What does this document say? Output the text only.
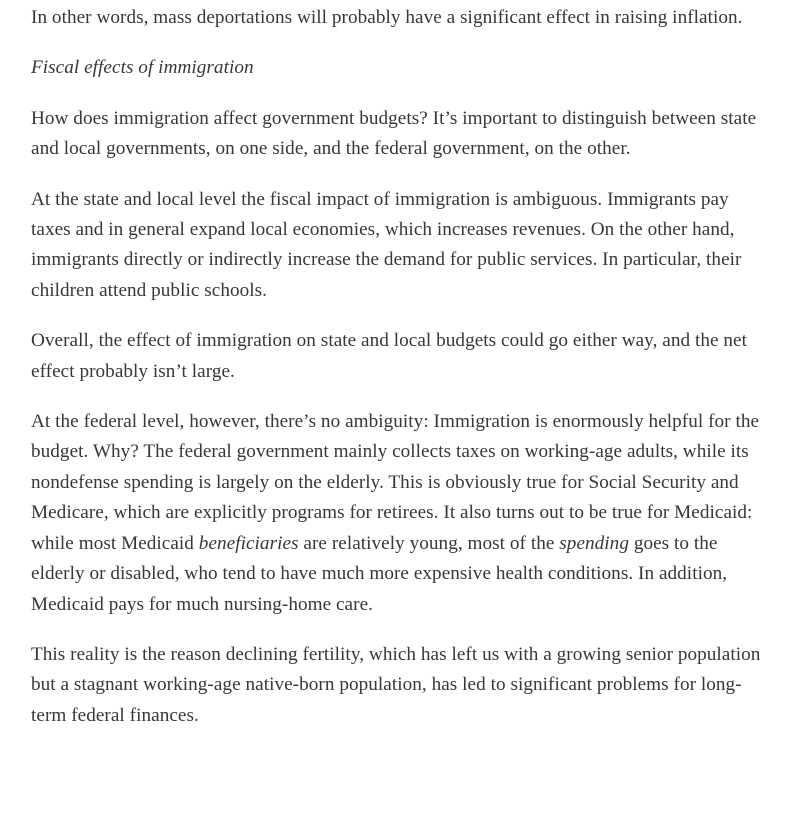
In other words, mass deportations will probably have a significant effect in raising inflation.

Fiscal effects of immigration

How does immigration affect government budgets? It’s important to distinguish between state and local governments, on one side, and the federal government, on the other.

At the state and local level the fiscal impact of immigration is ambiguous. Immigrants pay taxes and in general expand local economies, which increases revenues. On the other hand, immigrants directly or indirectly increase the demand for public services. In particular, their children attend public schools.

Overall, the effect of immigration on state and local budgets could go either way, and the net effect probably isn’t large.

At the federal level, however, there’s no ambiguity: Immigration is enormously helpful for the budget. Why? The federal government mainly collects taxes on working-age adults, while its nondefense spending is largely on the elderly. This is obviously true for Social Security and Medicare, which are explicitly programs for retirees. It also turns out to be true for Medicaid: while most Medicaid beneficiaries are relatively young, most of the spending goes to the elderly or disabled, who tend to have much more expensive health conditions. In addition, Medicaid pays for much nursing-home care.

This reality is the reason declining fertility, which has left us with a growing senior population but a stagnant working-age native-born population, has led to significant problems for long-term federal finances.
